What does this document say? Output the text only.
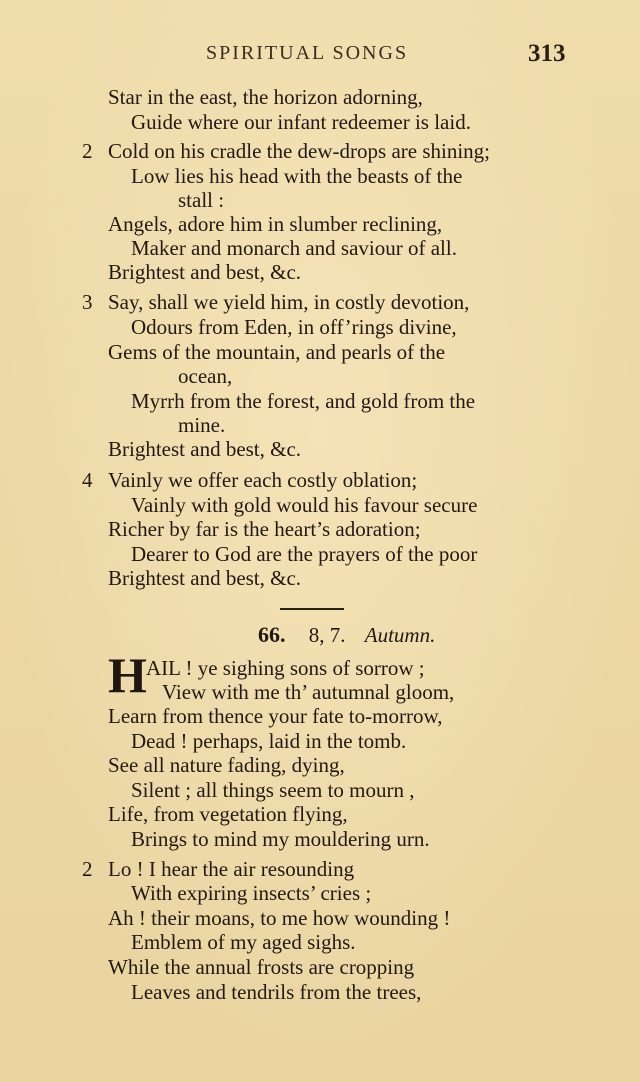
SPIRITUAL SONGS	313
Star in the east, the horizon adorning,
Guide where our infant redeemer is laid.
2 Cold on his cradle the dew-drops are shining;
Low lies his head with the beasts of the
stall :
Angels, adore him in slumber reclining,
Maker and monarch and saviour of all.
Brightest and best, &c.
3 Say, shall we yield him, in costly devotion,
Odours from Eden, in off’rings divine,
Gems of the mountain, and pearls of the
ocean,
Myrrh from the forest, and gold from the
mine.
Brightest and best, &c.
4 Vainly we offer each costly oblation;
Vainly with gold would his favour secure
Richer by far is the heart’s adoration;
Dearer to God are the prayers of the poor
Brightest and best, &c.
66. 8, 7. Autumn.
H AIL ! ye sighing sons of sorrow ;
View with me th’ autumnal gloom,
Learn from thence your fate to-morrow,
Dead ! perhaps, laid in the tomb.
See all nature fading, dying,
Silent ; all things seem to mourn ,
Life, from vegetation flying,
Brings to mind my mouldering urn.
2 Lo ! I hear the air resounding
With expiring insects’ cries ;
Ah ! their moans, to me how wounding !
Emblem of my aged sighs.
While the annual frosts are cropping
Leaves and tendrils from the trees,
